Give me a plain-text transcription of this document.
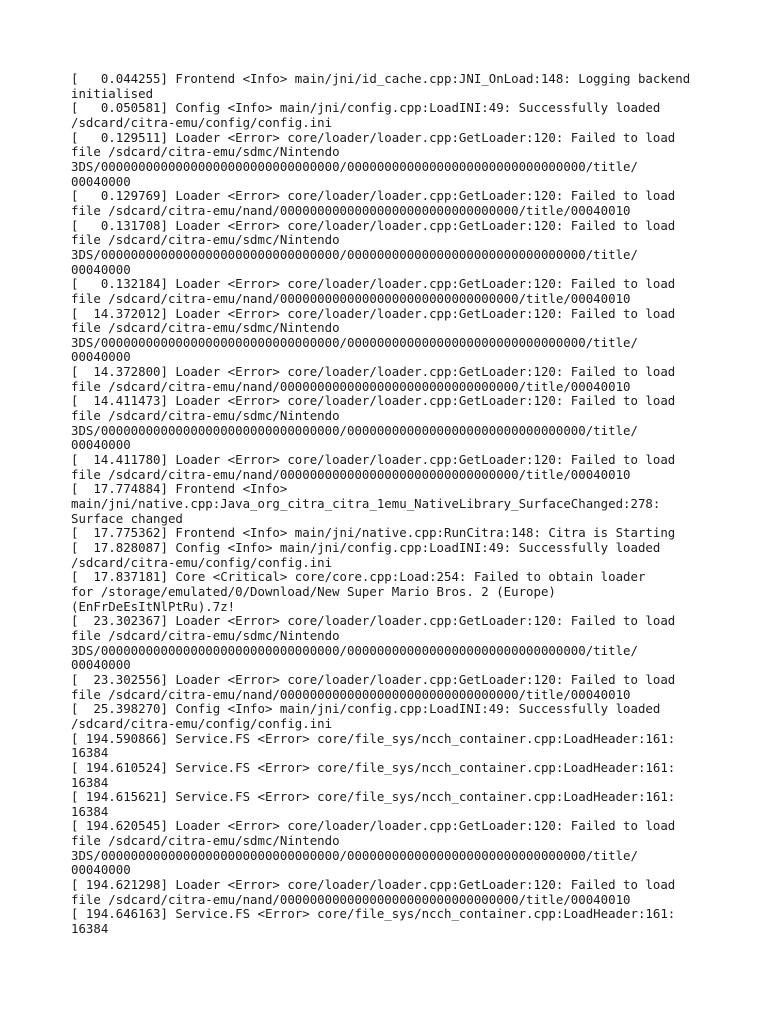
[   0.044255] Frontend <Info> main/jni/id_cache.cpp:JNI_OnLoad:148: Logging backend
initialised
[   0.050581] Config <Info> main/jni/config.cpp:LoadINI:49: Successfully loaded
/sdcard/citra-emu/config/config.ini
[   0.129511] Loader <Error> core/loader/loader.cpp:GetLoader:120: Failed to load
file /sdcard/citra-emu/sdmc/Nintendo
3DS/00000000000000000000000000000000/00000000000000000000000000000000/title/
00040000
[   0.129769] Loader <Error> core/loader/loader.cpp:GetLoader:120: Failed to load
file /sdcard/citra-emu/nand/00000000000000000000000000000000/title/00040010
[   0.131708] Loader <Error> core/loader/loader.cpp:GetLoader:120: Failed to load
file /sdcard/citra-emu/sdmc/Nintendo
3DS/00000000000000000000000000000000/00000000000000000000000000000000/title/
00040000
[   0.132184] Loader <Error> core/loader/loader.cpp:GetLoader:120: Failed to load
file /sdcard/citra-emu/nand/00000000000000000000000000000000/title/00040010
[  14.372012] Loader <Error> core/loader/loader.cpp:GetLoader:120: Failed to load
file /sdcard/citra-emu/sdmc/Nintendo
3DS/00000000000000000000000000000000/00000000000000000000000000000000/title/
00040000
[  14.372800] Loader <Error> core/loader/loader.cpp:GetLoader:120: Failed to load
file /sdcard/citra-emu/nand/00000000000000000000000000000000/title/00040010
[  14.411473] Loader <Error> core/loader/loader.cpp:GetLoader:120: Failed to load
file /sdcard/citra-emu/sdmc/Nintendo
3DS/00000000000000000000000000000000/00000000000000000000000000000000/title/
00040000
[  14.411780] Loader <Error> core/loader/loader.cpp:GetLoader:120: Failed to load
file /sdcard/citra-emu/nand/00000000000000000000000000000000/title/00040010
[  17.774884] Frontend <Info>
main/jni/native.cpp:Java_org_citra_citra_1emu_NativeLibrary_SurfaceChanged:278:
Surface changed
[  17.775362] Frontend <Info> main/jni/native.cpp:RunCitra:148: Citra is Starting
[  17.828087] Config <Info> main/jni/config.cpp:LoadINI:49: Successfully loaded
/sdcard/citra-emu/config/config.ini
[  17.837181] Core <Critical> core/core.cpp:Load:254: Failed to obtain loader
for /storage/emulated/0/Download/New Super Mario Bros. 2 (Europe)
(EnFrDeEsItNlPtRu).7z!
[  23.302367] Loader <Error> core/loader/loader.cpp:GetLoader:120: Failed to load
file /sdcard/citra-emu/sdmc/Nintendo
3DS/00000000000000000000000000000000/00000000000000000000000000000000/title/
00040000
[  23.302556] Loader <Error> core/loader/loader.cpp:GetLoader:120: Failed to load
file /sdcard/citra-emu/nand/00000000000000000000000000000000/title/00040010
[  25.398270] Config <Info> main/jni/config.cpp:LoadINI:49: Successfully loaded
/sdcard/citra-emu/config/config.ini
[ 194.590866] Service.FS <Error> core/file_sys/ncch_container.cpp:LoadHeader:161:
16384
[ 194.610524] Service.FS <Error> core/file_sys/ncch_container.cpp:LoadHeader:161:
16384
[ 194.615621] Service.FS <Error> core/file_sys/ncch_container.cpp:LoadHeader:161:
16384
[ 194.620545] Loader <Error> core/loader/loader.cpp:GetLoader:120: Failed to load
file /sdcard/citra-emu/sdmc/Nintendo
3DS/00000000000000000000000000000000/00000000000000000000000000000000/title/
00040000
[ 194.621298] Loader <Error> core/loader/loader.cpp:GetLoader:120: Failed to load
file /sdcard/citra-emu/nand/00000000000000000000000000000000/title/00040010
[ 194.646163] Service.FS <Error> core/file_sys/ncch_container.cpp:LoadHeader:161:
16384
